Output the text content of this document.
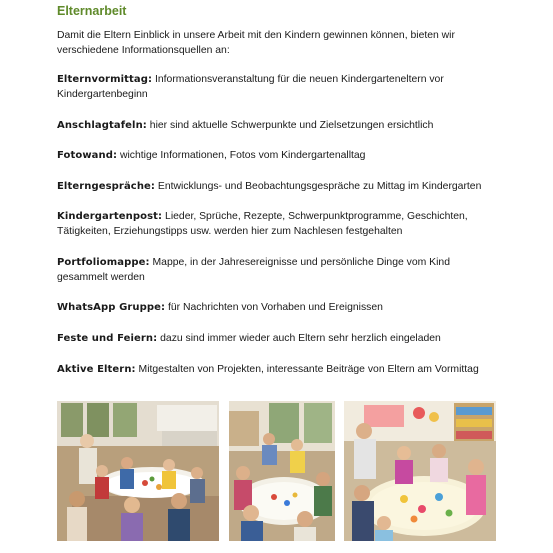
Elternarbeit

Damit die Eltern Einblick in unsere Arbeit mit den Kindern gewinnen können, bieten wir verschiedene Informationsquellen an:

Elternvormittag: Informationsveranstaltung für die neuen Kindergarteneltern vor Kindergartenbeginn

Anschlagtafeln: hier sind aktuelle Schwerpunkte und Zielsetzungen ersichtlich

Fotowand: wichtige Informationen, Fotos vom Kindergartenalltag

Elterngespräche: Entwicklungs- und Beobachtungsgespräche zu Mittag im Kindergarten

Kindergartenpost: Lieder, Sprüche, Rezepte, Schwerpunktprogramme, Geschichten, Tätigkeiten, Erziehungstipps usw. werden hier zum Nachlesen festgehalten

Portfoliomappe: Mappe, in der Jahresereignisse und persönliche Dinge vom Kind gesammelt werden

WhatsApp Gruppe: für Nachrichten von Vorhaben und Ereignissen

Feste und Feiern: dazu sind immer wieder auch Eltern sehr herzlich eingeladen

Aktive Eltern: Mitgestalten von Projekten, interessante Beiträge von Eltern am Vormittag
